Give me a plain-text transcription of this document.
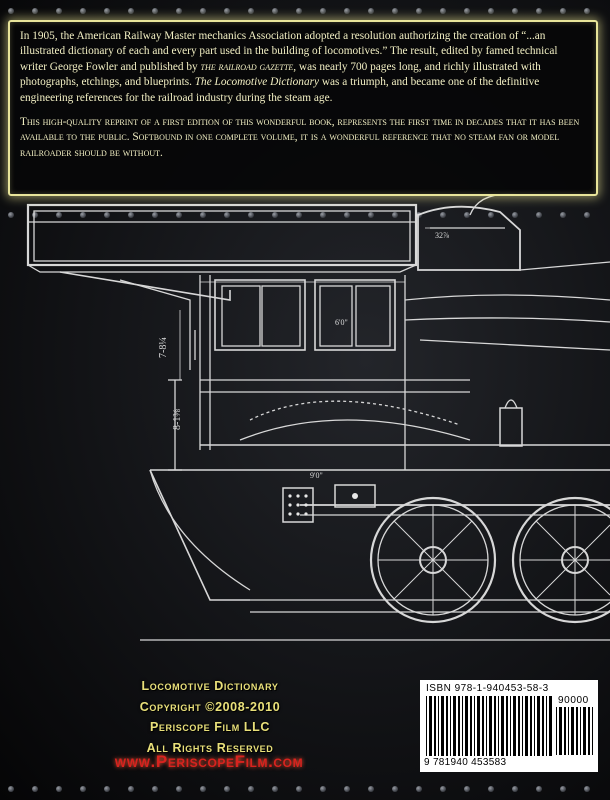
7-8¼
8-1⅜
6'0"
32⅞
9'0"

In 1905, the American Railway Master mechanics Association adopted a resolution authorizing the creation of “...an illustrated dictionary of each and every part used in the building of locomotives.” The result, edited by famed technical writer George Fowler and published by the railroad gazette, was nearly 700 pages long, and richly illustrated with photographs, etchings, and blueprints. The Locomotive Dictionary was a triumph, and became one of the definitive engineering references for the railroad industry during the steam age.

This high-quality reprint of a first edition of this wonderful book, represents the first time in decades that it has been available to the public. Softbound in one complete volume, it is a wonderful reference that no steam fan or model railroader should be without.

Locomotive Dictionary
Copyright ©2008-2010
Periscope Film LLC
All Rights Reserved
www.PeriscopeFilm.com
ISBN 978-1-940453-58-3
90000
9 781940 453583
